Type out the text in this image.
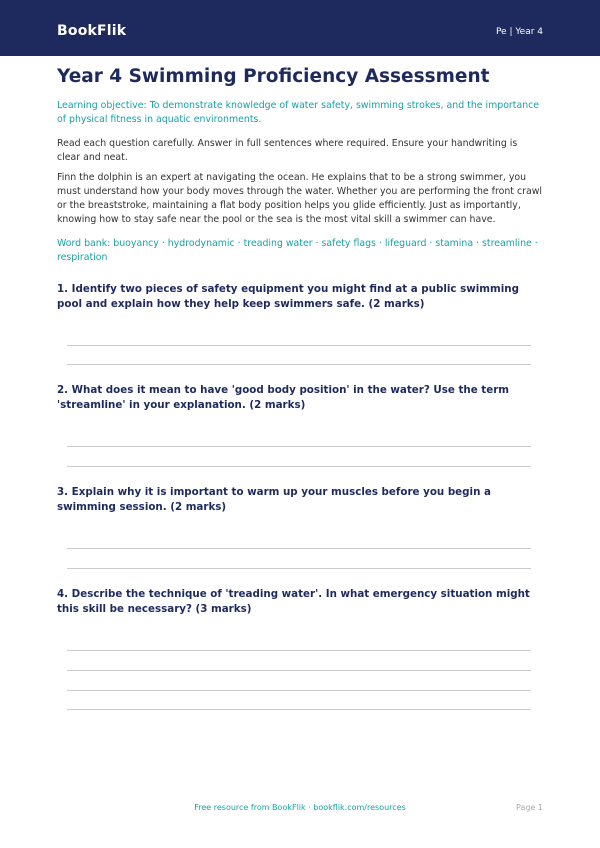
BookFlik	Pe | Year 4
Year 4 Swimming Proficiency Assessment

Learning objective: To demonstrate knowledge of water safety, swimming strokes, and the importance of physical fitness in aquatic environments.

Read each question carefully. Answer in full sentences where required. Ensure your handwriting is clear and neat.

Finn the dolphin is an expert at navigating the ocean. He explains that to be a strong swimmer, you must understand how your body moves through the water. Whether you are performing the front crawl or the breaststroke, maintaining a flat body position helps you glide efficiently. Just as importantly, knowing how to stay safe near the pool or the sea is the most vital skill a swimmer can have.

Word bank: buoyancy · hydrodynamic · treading water · safety flags · lifeguard · stamina · streamline · respiration

1. Identify two pieces of safety equipment you might find at a public swimming pool and explain how they help keep swimmers safe. (2 marks)

2. What does it mean to have 'good body position' in the water? Use the term 'streamline' in your explanation. (2 marks)

3. Explain why it is important to warm up your muscles before you begin a swimming session. (2 marks)

4. Describe the technique of 'treading water'. In what emergency situation might this skill be necessary? (3 marks)

Free resource from BookFlik · bookflik.com/resources	Page 1
